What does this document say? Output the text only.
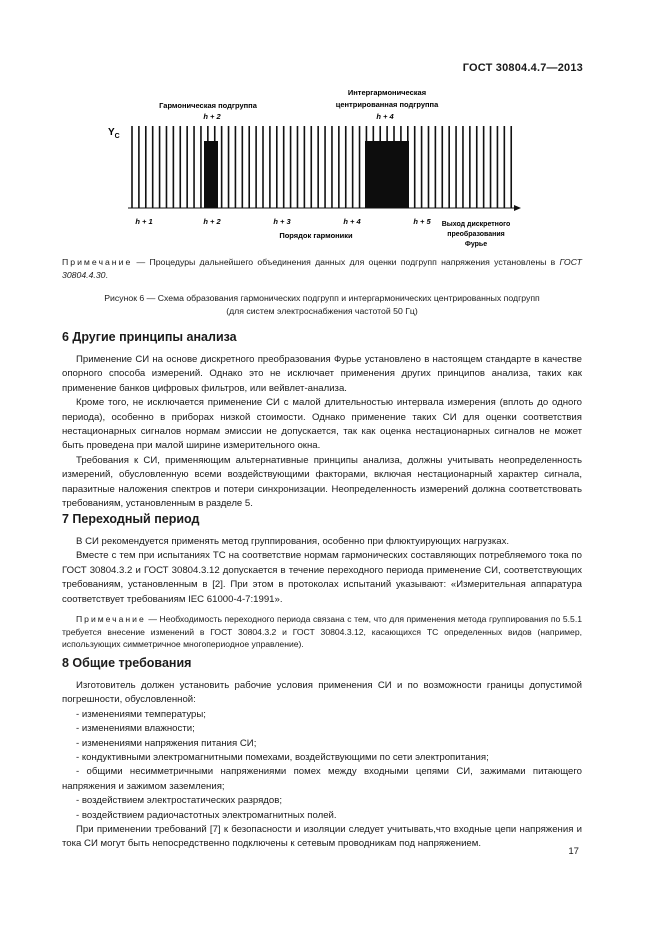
ГОСТ 30804.4.7—2013
$Y_C$
Гармоническая подгруппа
h + 2
Интергармоническая
центрированная подгруппа
h + 4
h + 1	h + 2	h + 3	h + 4	h + 5
Порядок гармоники
Выход дискретного
преобразования
Фурье
Примечание — Процедуры дальнейшего объединения данных для оценки подгрупп напряжения установлены в ГОСТ 30804.4.30.
Рисунок 6 — Схема образования гармонических подгрупп и интергармонических центрированных подгрупп
(для систем электроснабжения частотой 50 Гц)
6 Другие принципы анализа

Применение СИ на основе дискретного преобразования Фурье установлено в настоящем стандарте в качестве опорного способа измерений. Однако это не исключает применения других принципов анализа, таких как применение банков цифровых фильтров, или вейвлет-анализа.

Кроме того, не исключается применение СИ с малой длительностью интервала измерения (вплоть до одного периода), особенно в приборах низкой стоимости. Однако применение таких СИ для оценки соответствия нестационарных сигналов нормам эмиссии не допускается, так как оценка нестационарных сигналов не может быть проведена при малой ширине измерительного окна.

Требования к СИ, применяющим альтернативные принципы анализа, должны учитывать неопределенность измерений, обусловленную всеми воздействующими факторами, включая нестационарный характер сигнала, паразитные наложения спектров и потери синхронизации. Неопределенность измерений должна соответствовать требованиям, установленным в разделе 5.

7 Переходный период

В СИ рекомендуется применять метод группирования, особенно при флюктуирующих нагрузках.

Вместе с тем при испытаниях ТС на соответствие нормам гармонических составляющих потребляемого тока по ГОСТ 30804.3.2 и ГОСТ 30804.3.12 допускается в течение переходного периода применение СИ, соответствующих требованиям, установленным в [2]. При этом в протоколах испытаний указывают: «Измерительная аппаратура соответствует требованиям IEC 61000-4-7:1991».

Примечание — Необходимость переходного периода связана с тем, что для применения метода группирования по 5.5.1 требуется внесение изменений в ГОСТ 30804.3.2 и ГОСТ 30804.3.12, касающихся ТС определенных видов (например, использующих симметричное многопериодное управление).

8 Общие требования

Изготовитель должен установить рабочие условия применения СИ и по возможности границы допустимой погрешности, обусловленной:

- изменениями температуры;

- изменениями влажности;

- изменениями напряжения питания СИ;

- кондуктивными электромагнитными помехами, воздействующими по сети электропитания;

- общими несимметричными напряжениями помех между входными цепями СИ, зажимами питающего напряжения и зажимом заземления;

- воздействием электростатических разрядов;

- воздействием радиочастотных электромагнитных полей.

При применении требований [7] к безопасности и изоляции следует учитывать,что входные цепи напряжения и тока СИ могут быть непосредственно подключены к сетевым проводникам под напряжением.

17
